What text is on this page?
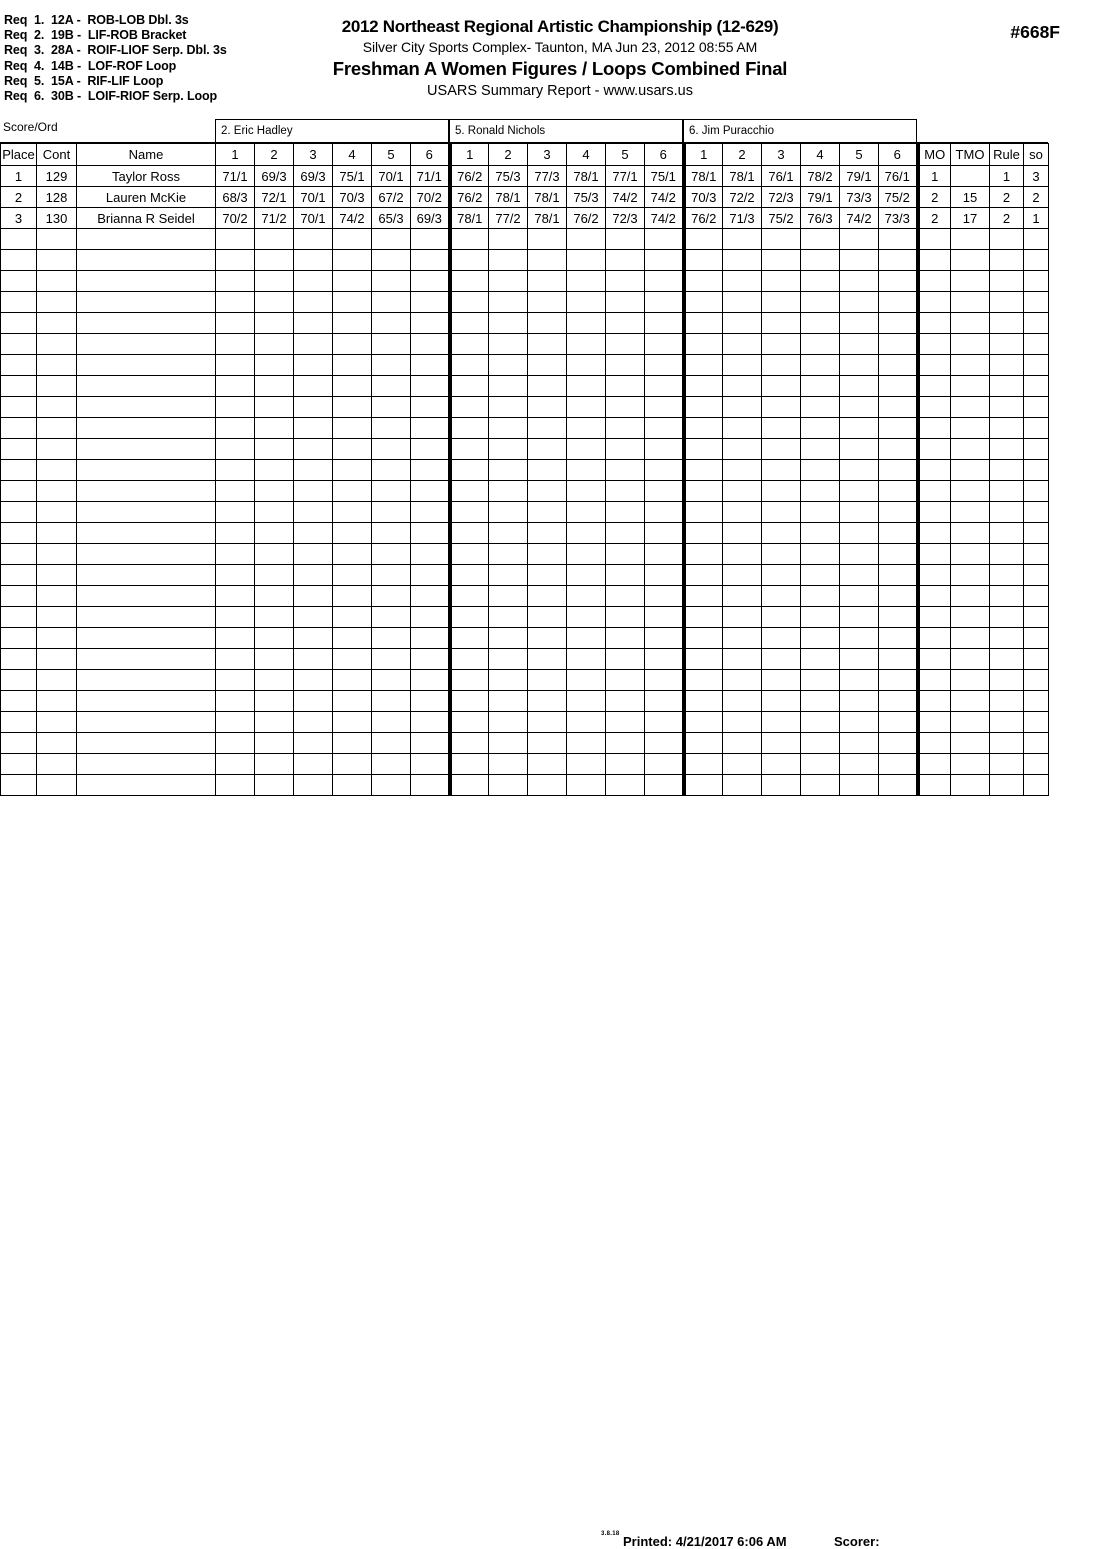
Req  1.  12A -  ROB-LOB Dbl. 3s
Req  2.  19B -  LIF-ROB Bracket
Req  3.  28A -  ROIF-LIOF Serp. Dbl. 3s
Req  4.  14B -  LOF-ROF Loop
Req  5.  15A -  RIF-LIF Loop
Req  6.  30B -  LOIF-RIOF Serp. Loop
2012 Northeast Regional Artistic Championship (12-629)
Silver City Sports Complex- Taunton, MA Jun 23, 2012 08:55 AM
Freshman A Women Figures / Loops Combined Final
USARS Summary Report - www.usars.us
#668F
Score/Ord	2. Eric Hadley	5. Ronald Nichols	6. Jim Puracchio
Place	Cont	Name	1	2	3	4	5	6	1	2	3	4	5	6	1	2	3	4	5	6	MO	TMO	Rule	so
1	129	Taylor Ross	71/1	69/3	69/3	75/1	70/1	71/1	76/2	75/3	77/3	78/1	77/1	75/1	78/1	78/1	76/1	78/2	79/1	76/1	1		1	3
2	128	Lauren McKie	68/3	72/1	70/1	70/3	67/2	70/2	76/2	78/1	78/1	75/3	74/2	74/2	70/3	72/2	72/3	79/1	73/3	75/2	2	15	2	2
3	130	Brianna R Seidel	70/2	71/2	70/1	74/2	65/3	69/3	78/1	77/2	78/1	76/2	72/3	74/2	76/2	71/3	75/2	76/3	74/2	73/3	2	17	2	1

3.8.18 Printed: 4/21/2017 6:06 AM	Scorer:
